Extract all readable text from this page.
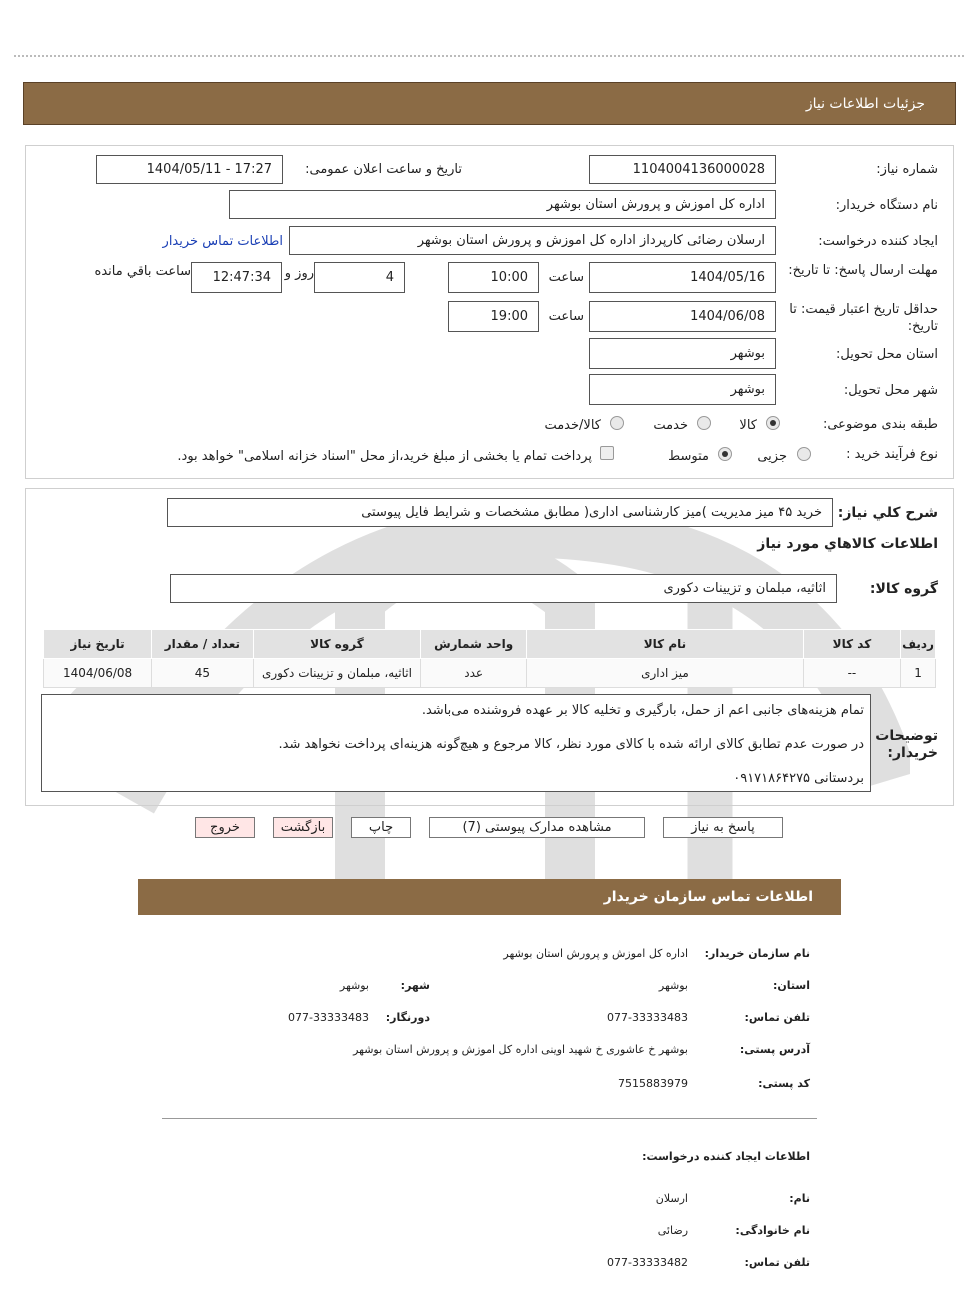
جزئيات اطلاعات نياز
شماره نیاز:
1104004136000028
تاریخ و ساعت اعلان عمومی:
1404/05/11 - 17:27
نام دستگاه خریدار:
اداره کل اموزش و پرورش استان بوشهر
ایجاد کننده درخواست:
ارسلان رضائی کارپرداز اداره کل اموزش و پرورش استان بوشهر
اطلاعات تماس خریدار
مهلت ارسال پاسخ: تا تاریخ:
1404/05/16
ساعت
10:00
4
روز و
12:47:34
ساعت باقي مانده
حداقل تاریخ اعتبار قیمت: تا تاریخ:
1404/06/08
ساعت
19:00
استان محل تحویل:
بوشهر
شهر محل تحویل:
بوشهر
طبقه بندی موضوعی:
کالا
خدمت
کالا/خدمت
نوع فرآیند خرید :
جزیی
متوسط
پرداخت تمام یا بخشی از مبلغ خرید،از محل "اسناد خزانه اسلامی" خواهد بود.
شرح کلي نياز:
خرید ۴۵ میز مدیریت )میز کارشناسی اداری( مطابق مشخصات و شرایط فایل پیوستی
اطلاعات کالاهاي مورد نياز
گروه کالا:
اثاثیه، مبلمان و تزیینات دکوری
رديف	کد کالا	نام کالا	واحد شمارش	گروه کالا	تعداد / مقدار	تاريخ نياز
1	--	میز اداری	عدد	اثاثیه، مبلمان و تزیینات دکوری	45	1404/06/08
توضیحات خریدار:
تمام هزینه‌های جانبی اعم از حمل، بارگیری و تخلیه کالا بر عهده فروشنده می‌باشد.
در صورت عدم تطابق کالای ارائه شده با کالای مورد نظر، کالا مرجوع و هیچ‌گونه هزینه‌ای پرداخت نخواهد شد.
بردستانی ۰۹۱۷۱۸۶۴۲۷۵
پاسخ به نیاز
مشاهده مدارک پیوستی (7)
چاپ
بازگشت
خروج
اطلاعات تماس سازمان خریدار
نام سازمان خریدار:
اداره کل اموزش و پرورش استان بوشهر
استان:
بوشهر
شهر:
بوشهر
تلفن تماس:
077-33333483
دورنگار:
077-33333483
آدرس پستی:
بوشهر خ عاشوری خ شهید اوینی اداره کل اموزش و پرورش استان بوشهر
کد پستی:
7515883979
اطلاعات ایجاد کننده درخواست:
نام:
ارسلان
نام خانوادگی:
رضائی
تلفن تماس:
077-33333482
